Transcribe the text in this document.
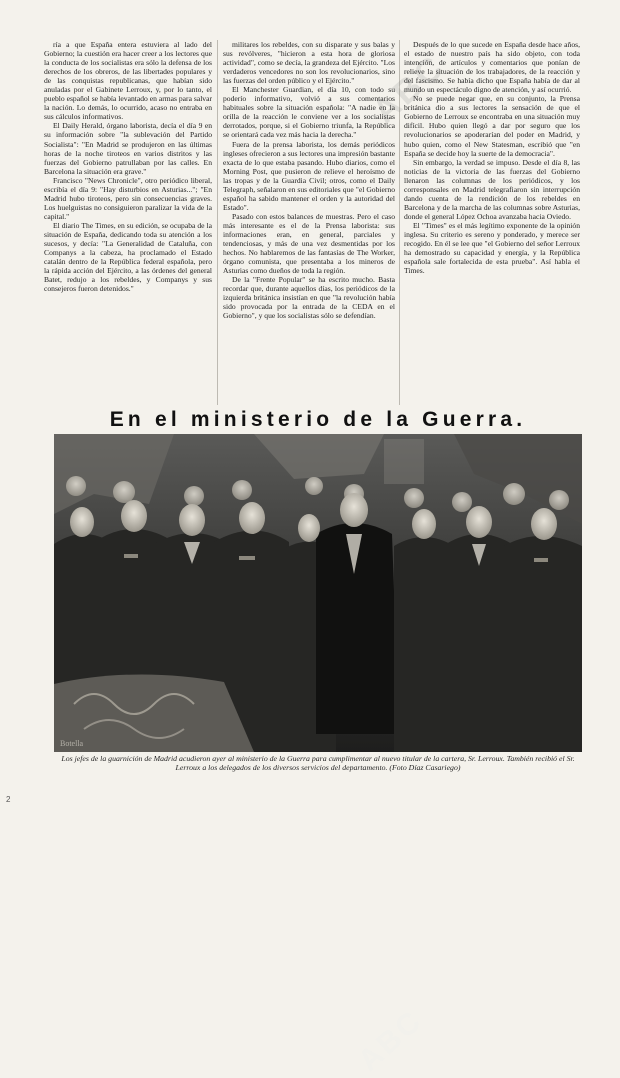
ría a que España entera estuviera al lado del Gobierno; la cuestión era hacer creer a los lectores que la conducta de los socialistas era sólo la defensa de los derechos de los obreros, de las libertades populares y de las conquistas republicanas, que habían sido anuladas por el Gabinete Lerroux, y, por lo tanto, el pueblo español se había levantado en armas para salvar la nación. Lo demás, lo ocurrido, acaso no entraba en sus cálculos informativos.

El Daily Herald, órgano laborista, decía el día 9 en su información sobre "la sublevación del Partido Socialista": "En Madrid se produjeron en las últimas horas de la noche tiroteos en varios distritos y las fuerzas del Gobierno patrullaban por las calles. En Barcelona la situación era grave."

Francisco "News Chronicle", otro periódico liberal, escribía el día 9: "Hay disturbios en Asturias..."; "En Madrid hubo tiroteos, pero sin consecuencias graves. Los huelguistas no consiguieron paralizar la vida de la capital."

El diario The Times, en su edición, se ocupaba de la situación de España, dedicando toda su atención a los sucesos, y decía: "La Generalidad de Cataluña, con Companys a la cabeza, ha proclamado el Estado catalán dentro de la República federal española, pero la rápida acción del Ejército, a las órdenes del general Batet, redujo a los rebeldes, y Companys y sus consejeros fueron detenidos."

militares los rebeldes, con su disparate y sus balas y sus revólveres, "hicieron a esta hora de gloriosa actividad", como se decía, la grandeza del Ejército. "Los verdaderos vencedores no son los revolucionarios, sino las fuerzas del orden público y el Ejército."

El Manchester Guardian, el día 10, con todo su poderío informativo, volvió a sus comentarios habituales sobre la situación española: "A nadie en la orilla de la reacción le conviene ver a los socialistas derrotados, porque, si el Gobierno triunfa, la República se orientará cada vez más hacia la derecha."

Fuera de la prensa laborista, los demás periódicos ingleses ofrecieron a sus lectores una impresión bastante exacta de lo que estaba pasando. Hubo diarios, como el Morning Post, que pusieron de relieve el heroísmo de las tropas y de la Guardia Civil; otros, como el Daily Telegraph, señalaron en sus editoriales que "el Gobierno español ha sabido mantener el orden y la autoridad del Estado".

Pasado con estos balances de muestras. Pero el caso más interesante es el de la Prensa laborista: sus informaciones eran, en general, parciales y tendenciosas, y más de una vez desmentidas por los hechos. No hablaremos de las fantasías de The Worker, órgano comunista, que presentaba a los mineros de Asturias como dueños de toda la región.

De la "Frente Popular" se ha escrito mucho. Basta recordar que, durante aquellos días, los periódicos de la izquierda británica insistían en que "la revolución había sido provocada por la entrada de la CEDA en el Gobierno", y que los socialistas sólo se defendían.

Después de lo que sucede en España desde hace años, el estado de nuestro país ha sido objeto, con toda intención, de artículos y comentarios que ponían de relieve la situación de los trabajadores, de la reacción y del fascismo. Se había dicho que España había de dar al mundo un espectáculo digno de atención, y así ocurrió.

No se puede negar que, en su conjunto, la Prensa británica dio a sus lectores la sensación de que el Gobierno de Lerroux se encontraba en una situación muy difícil. Hubo quien llegó a dar por seguro que los revolucionarios se apoderarían del poder en Madrid, y hubo quien, como el New Statesman, escribió que "en España se decide hoy la suerte de la democracia".

Sin embargo, la verdad se impuso. Desde el día 8, las noticias de la victoria de las fuerzas del Gobierno llenaron las columnas de los periódicos, y los corresponsales en Madrid telegrafiaron sin interrupción dando cuenta de la rendición de los rebeldes en Barcelona y de la marcha de las columnas sobre Asturias, donde el general López Ochoa avanzaba hacia Oviedo.

El "Times" es el más legítimo exponente de la opinión inglesa. Su criterio es sereno y ponderado, y merece ser recogido. En él se lee que "el Gobierno del señor Lerroux ha demostrado su capacidad y energía, y la República española sale fortalecida de esta prueba". Así habla el Times.

ABC
En el ministerio de la Guerra.
Botella
ABC
Los jefes de la guarnición de Madrid acudieron ayer al ministerio de la Guerra para cumplimentar al nuevo titular de la cartera, Sr. Lerroux. También recibió el Sr. Lerroux a los delegados de los diversos servicios del departamento. (Foto Díaz Casariego)
2
